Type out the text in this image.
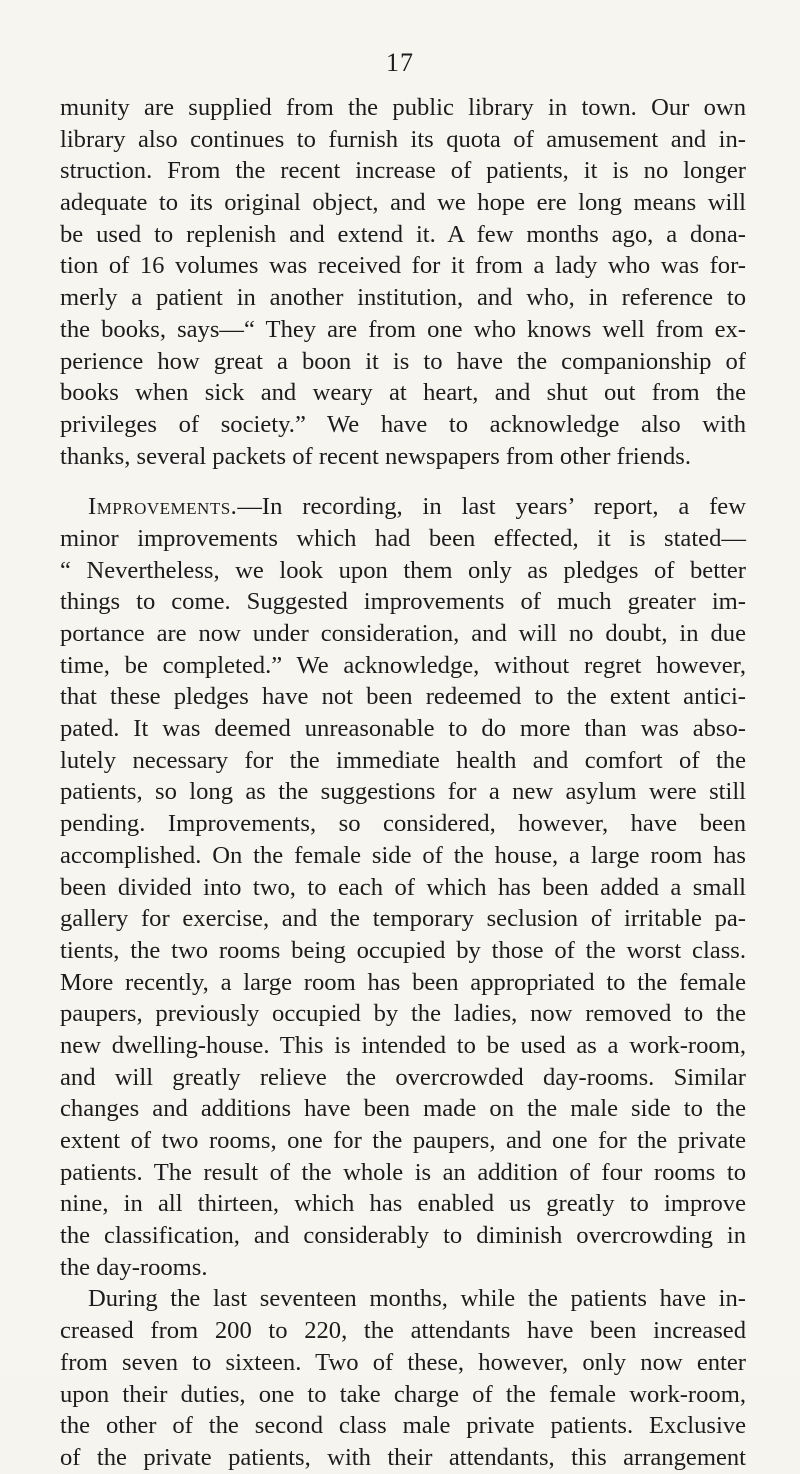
17
munity are supplied from the public library in town. Our own
library also continues to furnish its quota of amusement and in-
struction. From the recent increase of patients, it is no longer
adequate to its original object, and we hope ere long means will
be used to replenish and extend it. A few months ago, a dona-
tion of 16 volumes was received for it from a lady who was for-
merly a patient in another institution, and who, in reference to
the books, says—“ They are from one who knows well from ex-
perience how great a boon it is to have the companionship of
books when sick and weary at heart, and shut out from the
privileges of society.” We have to acknowledge also with
thanks, several packets of recent newspapers from other friends.
Improvements.—In recording, in last years’ report, a few
minor improvements which had been effected, it is stated—
“ Nevertheless, we look upon them only as pledges of better
things to come. Suggested improvements of much greater im-
portance are now under consideration, and will no doubt, in due
time, be completed.” We acknowledge, without regret however,
that these pledges have not been redeemed to the extent antici-
pated. It was deemed unreasonable to do more than was abso-
lutely necessary for the immediate health and comfort of the
patients, so long as the suggestions for a new asylum were still
pending. Improvements, so considered, however, have been
accomplished. On the female side of the house, a large room has
been divided into two, to each of which has been added a small
gallery for exercise, and the temporary seclusion of irritable pa-
tients, the two rooms being occupied by those of the worst class.
More recently, a large room has been appropriated to the female
paupers, previously occupied by the ladies, now removed to the
new dwelling-house. This is intended to be used as a work-room,
and will greatly relieve the overcrowded day-rooms. Similar
changes and additions have been made on the male side to the
extent of two rooms, one for the paupers, and one for the private
patients. The result of the whole is an addition of four rooms to
nine, in all thirteen, which has enabled us greatly to improve
the classification, and considerably to diminish overcrowding in
the day-rooms.
During the last seventeen months, while the patients have in-
creased from 200 to 220, the attendants have been increased
from seven to sixteen. Two of these, however, only now enter
upon their duties, one to take charge of the female work-room,
the other of the second class male private patients. Exclusive
of the private patients, with their attendants, this arrangement
